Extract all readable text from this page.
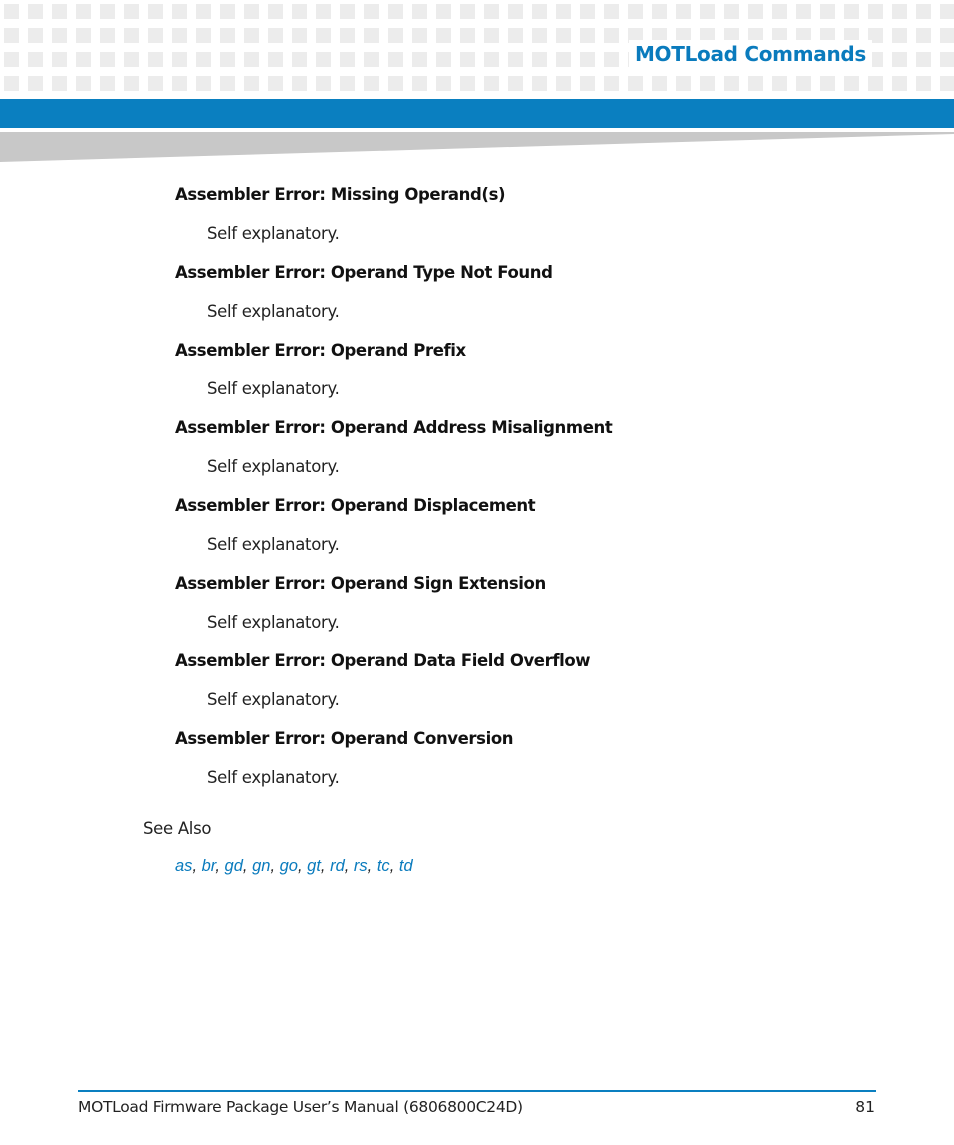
MOTLoad Commands
Assembler Error: Missing Operand(s)
Self explanatory.
Assembler Error: Operand Type Not Found
Self explanatory.
Assembler Error: Operand Prefix
Self explanatory.
Assembler Error: Operand Address Misalignment
Self explanatory.
Assembler Error: Operand Displacement
Self explanatory.
Assembler Error: Operand Sign Extension
Self explanatory.
Assembler Error: Operand Data Field Overflow
Self explanatory.
Assembler Error: Operand Conversion
Self explanatory.
See Also
as, br, gd, gn, go, gt, rd, rs, tc, td
MOTLoad Firmware Package User’s Manual (6806800C24D)	81
